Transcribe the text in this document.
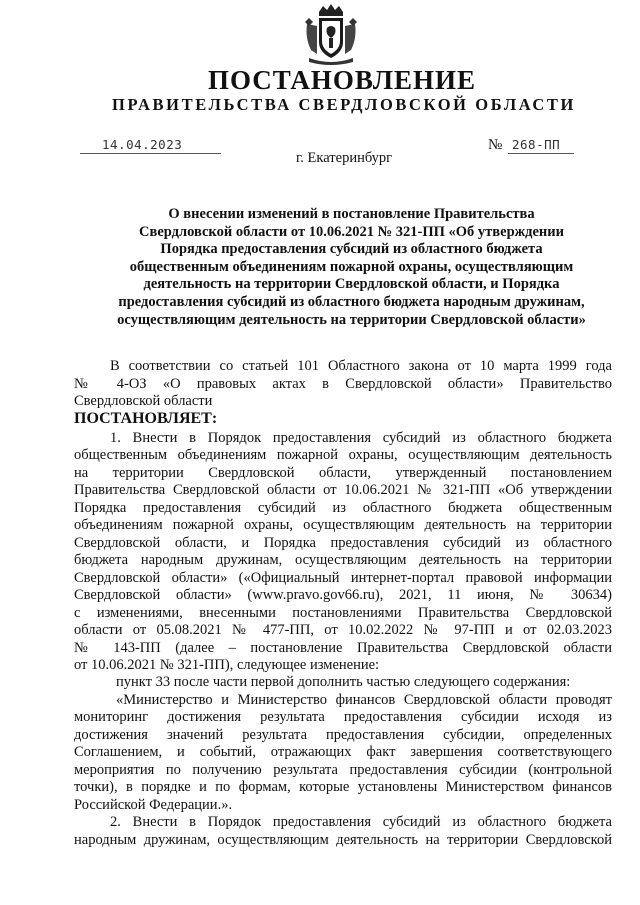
ПОСТАНОВЛЕНИЕ
ПРАВИТЕЛЬСТВА СВЕРДЛОВСКОЙ ОБЛАСТИ
14.04.2023	№ 268-ПП
г. Екатеринбург
О внесении изменений в постановление Правительства
Свердловской области от 10.06.2021 № 321-ПП «Об утверждении
Порядка предоставления субсидий из областного бюджета
общественным объединениям пожарной охраны, осуществляющим
деятельность на территории Свердловской области, и Порядка
предоставления субсидий из областного бюджета народным дружинам,
осуществляющим деятельность на территории Свердловской области»
В соответствии со статьей 101 Областного закона от 10 марта 1999 года
№ 4-ОЗ «О правовых актах в Свердловской области» Правительство
Свердловской области
ПОСТАНОВЛЯЕТ:
1. Внести в Порядок предоставления субсидий из областного бюджета
общественным объединениям пожарной охраны, осуществляющим деятельность
на территории Свердловской области, утвержденный постановлением
Правительства Свердловской области от 10.06.2021 № 321-ПП «Об утверждении
Порядка предоставления субсидий из областного бюджета общественным
объединениям пожарной охраны, осуществляющим деятельность на территории
Свердловской области, и Порядка предоставления субсидий из областного
бюджета народным дружинам, осуществляющим деятельность на территории
Свердловской области» («Официальный интернет-портал правовой информации
Свердловской области» (www.pravo.gov66.ru), 2021, 11 июня, № 30634)
с изменениями, внесенными постановлениями Правительства Свердловской
области от 05.08.2021 № 477-ПП, от 10.02.2022 № 97-ПП и от 02.03.2023
№ 143-ПП (далее – постановление Правительства Свердловской области
от 10.06.2021 № 321-ПП), следующее изменение:
пункт 33 после части первой дополнить частью следующего содержания:
«Министерство и Министерство финансов Свердловской области проводят
мониторинг достижения результата предоставления субсидии исходя из
достижения значений результата предоставления субсидии, определенных
Соглашением, и событий, отражающих факт завершения соответствующего
мероприятия по получению результата предоставления субсидии (контрольной
точки), в порядке и по формам, которые установлены Министерством финансов
Российской Федерации.».
2. Внести в Порядок предоставления субсидий из областного бюджета
народным дружинам, осуществляющим деятельность на территории Свердловской
